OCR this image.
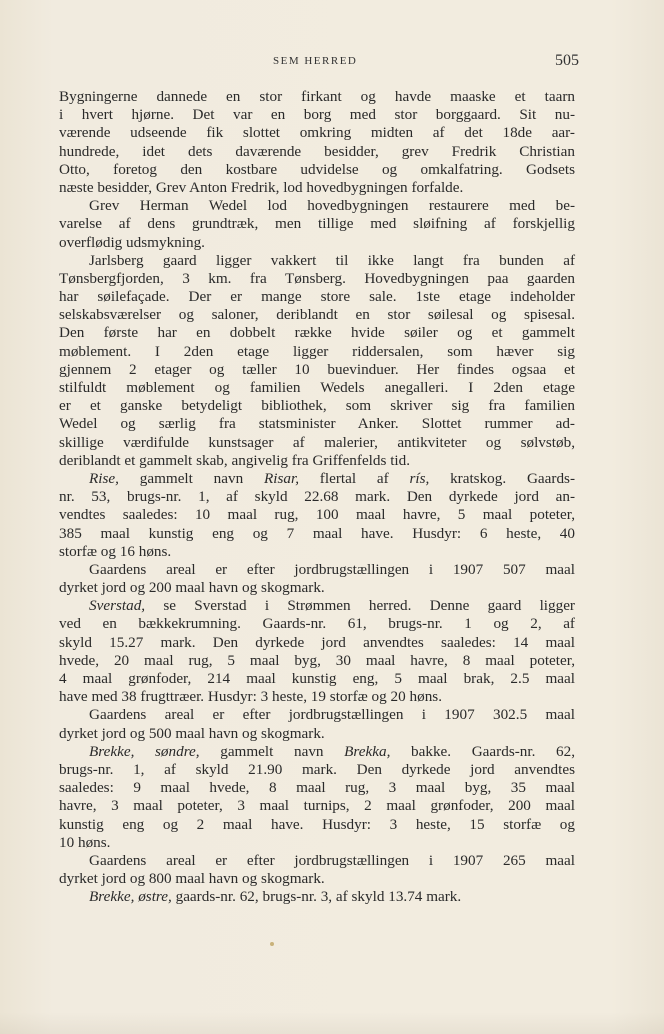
SEM HERRED	505
Bygningerne dannede en stor firkant og havde maaske et taarn
i hvert hjørne. Det var en borg med stor borggaard. Sit nu-
værende udseende fik slottet omkring midten af det 18de aar-
hundrede, idet dets daværende besidder, grev Fredrik Christian
Otto, foretog den kostbare udvidelse og omkalfatring. Godsets
næste besidder, Grev Anton Fredrik, lod hovedbygningen forfalde.
Grev Herman Wedel lod hovedbygningen restaurere med be-
varelse af dens grundtræk, men tillige med sløifning af forskjellig
overflødig udsmykning.
Jarlsberg gaard ligger vakkert til ikke langt fra bunden af
Tønsbergfjorden, 3 km. fra Tønsberg. Hovedbygningen paa gaarden
har søilefaçade. Der er mange store sale. 1ste etage indeholder
selskabsværelser og saloner, deriblandt en stor søilesal og spisesal.
Den første har en dobbelt række hvide søiler og et gammelt
møblement. I 2den etage ligger riddersalen, som hæver sig
gjennem 2 etager og tæller 10 buevinduer. Her findes ogsaa et
stilfuldt møblement og familien Wedels anegalleri. I 2den etage
er et ganske betydeligt bibliothek, som skriver sig fra familien
Wedel og særlig fra statsminister Anker. Slottet rummer ad-
skillige værdifulde kunstsager af malerier, antikviteter og sølvstøb,
deriblandt et gammelt skab, angivelig fra Griffenfelds tid.
Rise, gammelt navn Risar, flertal af rís, kratskog. Gaards-
nr. 53, brugs-nr. 1, af skyld 22.68 mark. Den dyrkede jord an-
vendtes saaledes: 10 maal rug, 100 maal havre, 5 maal poteter,
385 maal kunstig eng og 7 maal have. Husdyr: 6 heste, 40
storfæ og 16 høns.
Gaardens areal er efter jordbrugstællingen i 1907 507 maal
dyrket jord og 200 maal havn og skogmark.
Sverstad, se Sverstad i Strømmen herred. Denne gaard ligger
ved en bækkekrumning. Gaards-nr. 61, brugs-nr. 1 og 2, af
skyld 15.27 mark. Den dyrkede jord anvendtes saaledes: 14 maal
hvede, 20 maal rug, 5 maal byg, 30 maal havre, 8 maal poteter,
4 maal grønfoder, 214 maal kunstig eng, 5 maal brak, 2.5 maal
have med 38 frugttræer. Husdyr: 3 heste, 19 storfæ og 20 høns.
Gaardens areal er efter jordbrugstællingen i 1907 302.5 maal
dyrket jord og 500 maal havn og skogmark.
Brekke, søndre, gammelt navn Brekka, bakke. Gaards-nr. 62,
brugs-nr. 1, af skyld 21.90 mark. Den dyrkede jord anvendtes
saaledes: 9 maal hvede, 8 maal rug, 3 maal byg, 35 maal
havre, 3 maal poteter, 3 maal turnips, 2 maal grønfoder, 200 maal
kunstig eng og 2 maal have. Husdyr: 3 heste, 15 storfæ og
10 høns.
Gaardens areal er efter jordbrugstællingen i 1907 265 maal
dyrket jord og 800 maal havn og skogmark.
Brekke, østre, gaards-nr. 62, brugs-nr. 3, af skyld 13.74 mark.
